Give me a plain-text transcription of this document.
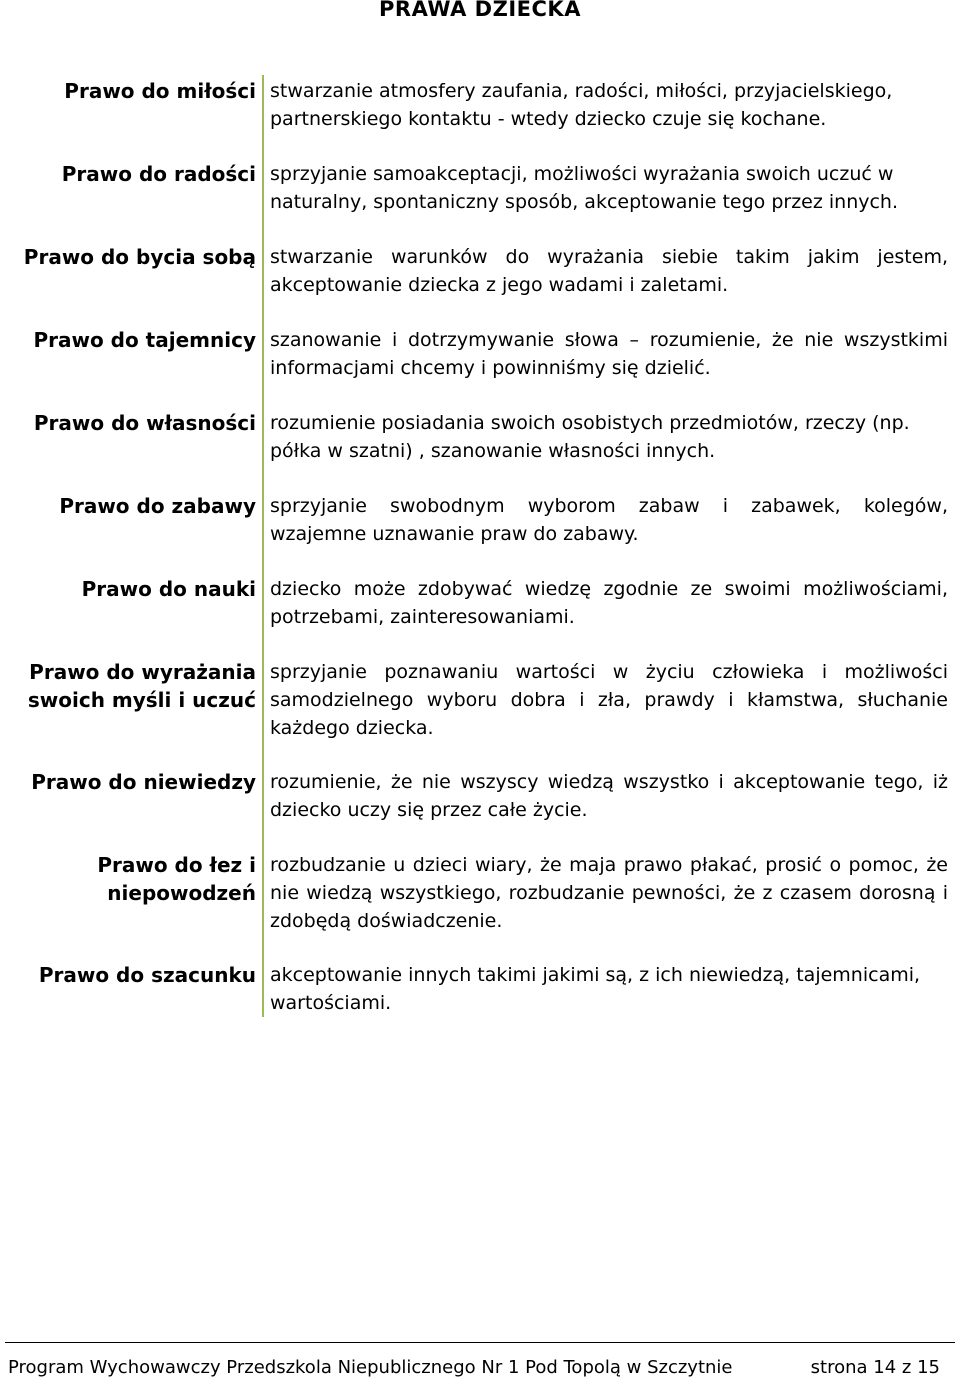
PRAWA DZIECKA
Prawo do miłości stwarzanie atmosfery zaufania, radości, miłości, przyjacielskiego, partnerskiego kontaktu - wtedy dziecko czuje się kochane.
Prawo do radości sprzyjanie samoakceptacji, możliwości wyrażania swoich uczuć w naturalny, spontaniczny sposób, akceptowanie tego przez innych.
Prawo do bycia sobą stwarzanie warunków do wyrażania siebie takim jakim jestem, akceptowanie dziecka z jego wadami i zaletami.
Prawo do tajemnicy szanowanie i dotrzymywanie słowa – rozumienie, że nie wszystkimi informacjami chcemy i powinniśmy się dzielić.
Prawo do własności rozumienie posiadania swoich osobistych przedmiotów, rzeczy (np. półka w szatni) , szanowanie własności innych.
Prawo do zabawy sprzyjanie swobodnym wyborom zabaw i zabawek, kolegów, wzajemne uznawanie praw do zabawy.
Prawo do nauki dziecko może zdobywać wiedzę zgodnie ze swoimi możliwościami, potrzebami, zainteresowaniami.
Prawo do wyrażania
swoich myśli i uczuć
sprzyjanie poznawaniu wartości w życiu człowieka i możliwości samodzielnego wyboru dobra i zła, prawdy i kłamstwa, słuchanie każdego dziecka.
Prawo do niewiedzy rozumienie, że nie wszyscy wiedzą wszystko i akceptowanie tego, iż dziecko uczy się przez całe życie.
Prawo do łez i
niepowodzeń
rozbudzanie u dzieci wiary, że maja prawo płakać, prosić o pomoc, że nie wiedzą wszystkiego, rozbudzanie pewności, że z czasem dorosną i zdobędą doświadczenie.
Prawo do szacunku akceptowanie innych takimi jakimi są, z ich niewiedzą, tajemnicami, wartościami.
Program Wychowawczy Przedszkola Niepublicznego Nr 1 Pod Topolą w Szczytnie	strona 14 z 15
